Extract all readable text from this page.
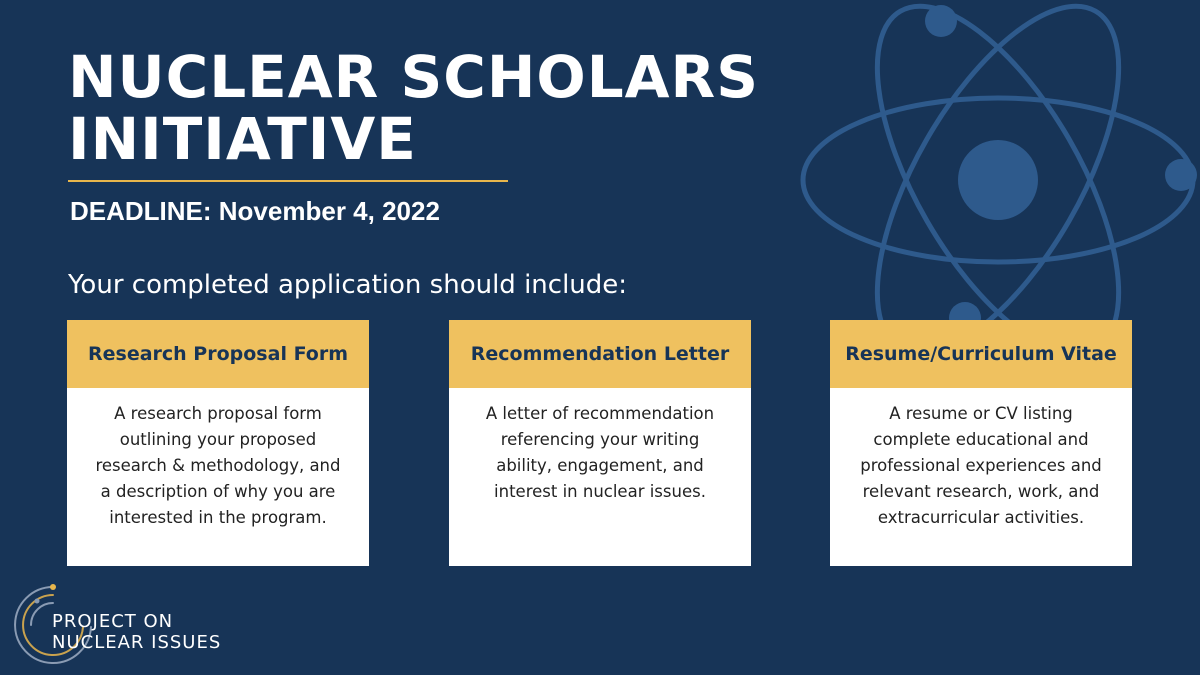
NUCLEAR SCHOLARS
INITIATIVE
DEADLINE: November 4, 2022
Your completed application should include:
Research Proposal Form
A research proposal form outlining your proposed research & methodology, and a description of why you are interested in the program.
Recommendation Letter
A letter of recommendation referencing your writing ability, engagement, and interest in nuclear issues.
Resume/Curriculum Vitae
A resume or CV listing complete educational and professional experiences and relevant research, work, and extracurricular activities.
PROJECT ON
NUCLEAR ISSUES
